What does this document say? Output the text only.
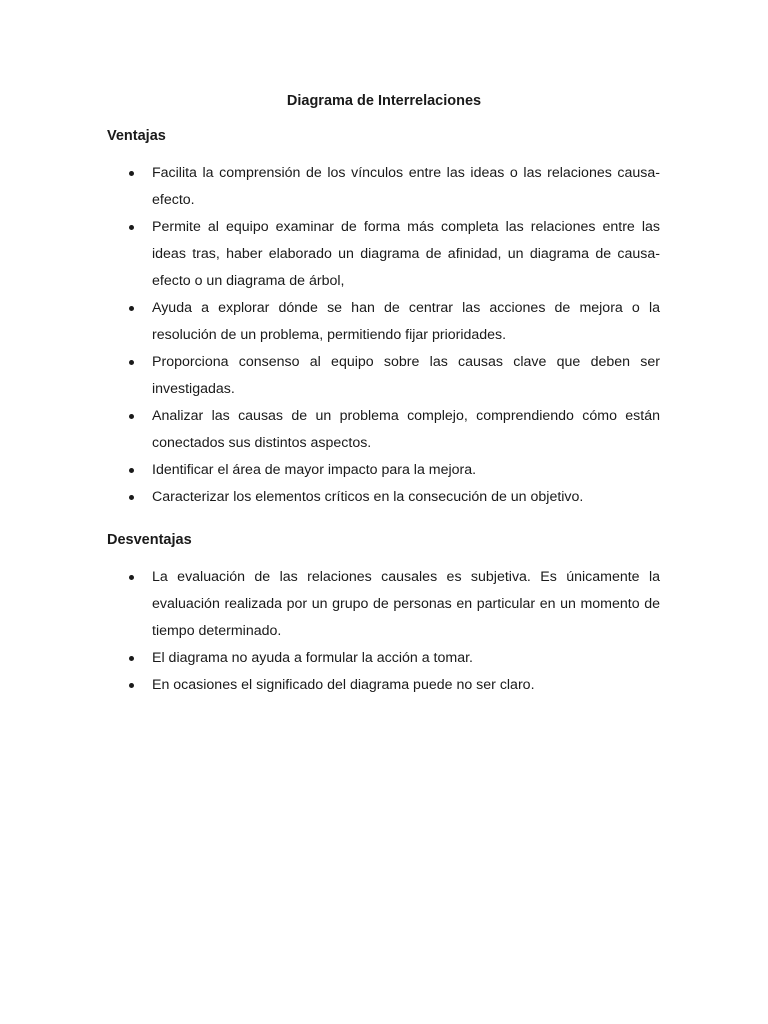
Diagrama de Interrelaciones
Ventajas
Facilita la comprensión de los vínculos entre las ideas o las relaciones causa-efecto.
Permite al equipo examinar de forma más completa las relaciones entre las ideas tras, haber elaborado un diagrama de afinidad, un diagrama de causa-efecto o un diagrama de árbol,
Ayuda a explorar dónde se han de centrar las acciones de mejora o la resolución de un problema, permitiendo fijar prioridades.
Proporciona consenso al equipo sobre las causas clave que deben ser investigadas.
Analizar las causas de un problema complejo, comprendiendo cómo están conectados sus distintos aspectos.
Identificar el área de mayor impacto para la mejora.
Caracterizar los elementos críticos en la consecución de un objetivo.
Desventajas
La evaluación de las relaciones causales es subjetiva. Es únicamente la evaluación realizada por un grupo de personas en particular en un momento de tiempo determinado.
El diagrama no ayuda a formular la acción a tomar.
En ocasiones el significado del diagrama puede no ser claro.
